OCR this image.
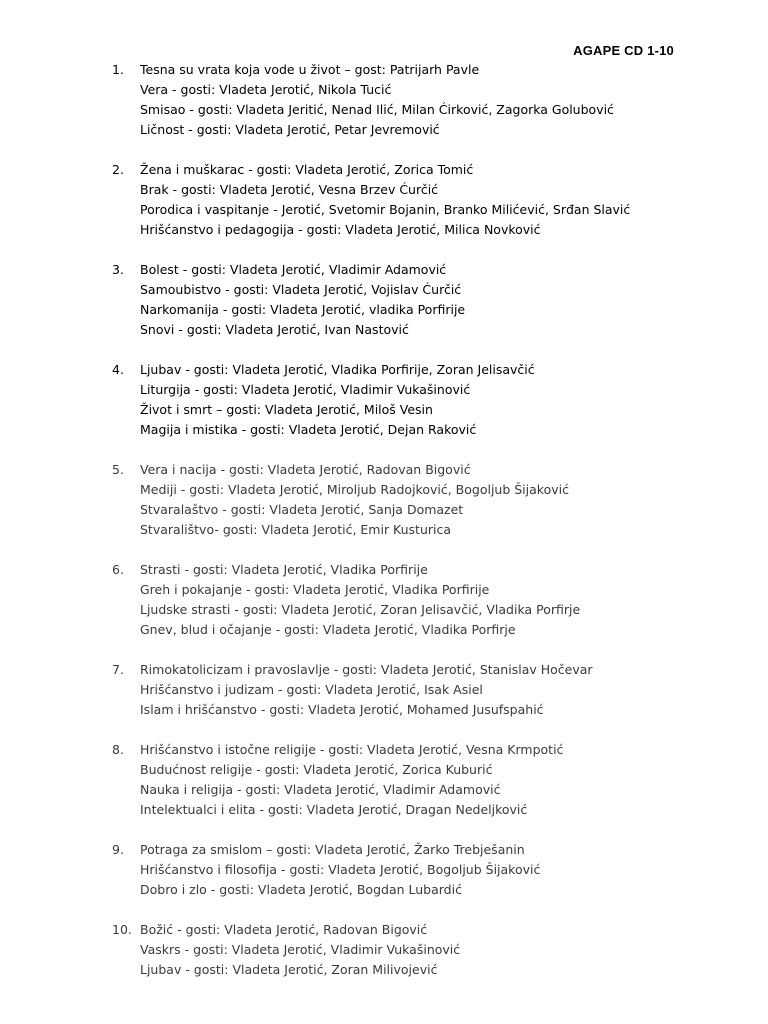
AGAPE CD 1-10
1.	Tesna su vrata koja vode u život – gost: Patrijarh Pavle
Vera - gosti: Vladeta Jerotić, Nikola Tucić
Smisao - gosti: Vladeta Jeritić, Nenad Ilić, Milan Ćirković, Zagorka Golubović
Ličnost - gosti: Vladeta Jerotić, Petar Jevremović
2.	Žena i muškarac - gosti: Vladeta Jerotić, Zorica Tomić
Brak - gosti: Vladeta Jerotić, Vesna Brzev Ćurčić
Porodica i vaspitanje - Jerotić, Svetomir Bojanin, Branko Milićević, Srđan Slavić
Hrišćanstvo i pedagogija - gosti: Vladeta Jerotić, Milica Novković
3.	Bolest - gosti: Vladeta Jerotić, Vladimir Adamović
Samoubistvo - gosti: Vladeta Jerotić, Vojislav Ćurčić
Narkomanija - gosti: Vladeta Jerotić, vladika Porfirije
Snovi - gosti: Vladeta Jerotić, Ivan Nastović
4.	Ljubav - gosti: Vladeta Jerotić, Vladika Porfirije, Zoran Jelisavčić
Liturgija - gosti: Vladeta Jerotić, Vladimir Vukašinović
Život i smrt – gosti: Vladeta Jerotić, Miloš Vesin
Magija i mistika - gosti: Vladeta Jerotić, Dejan Raković
5.	Vera i nacija - gosti: Vladeta Jerotić, Radovan Bigović
Mediji - gosti: Vladeta Jerotić, Miroljub Radojković, Bogoljub Šijaković
Stvaralaštvo - gosti: Vladeta Jerotić, Sanja Domazet
Stvaralištvo- gosti: Vladeta Jerotić, Emir Kusturica
6.	Strasti - gosti: Vladeta Jerotić, Vladika Porfirije
Greh i pokajanje - gosti: Vladeta Jerotić, Vladika Porfirije
Ljudske strasti - gosti: Vladeta Jerotić, Zoran Jelisavčić, Vladika Porfirje
Gnev, blud i očajanje - gosti: Vladeta Jerotić, Vladika Porfirje
7.	Rimokatolicizam i pravoslavlje - gosti: Vladeta Jerotić, Stanislav Hočevar
Hrišćanstvo i judizam - gosti: Vladeta Jerotić, Isak Asiel
Islam i hrišćanstvo - gosti: Vladeta Jerotić, Mohamed Jusufspahić
8.	Hrišćanstvo i istočne religije - gosti: Vladeta Jerotić, Vesna Krmpotić
Budućnost religije - gosti: Vladeta Jerotić, Zorica Kuburić
Nauka i religija - gosti: Vladeta Jerotić, Vladimir Adamović
Intelektualci i elita - gosti: Vladeta Jerotić, Dragan Nedeljković
9.	Potraga za smislom – gosti: Vladeta Jerotić, Žarko Trebješanin
Hrišćanstvo i filosofija - gosti: Vladeta Jerotić, Bogoljub Šijaković
Dobro i zlo - gosti: Vladeta Jerotić, Bogdan Lubardić
10. Božić - gosti: Vladeta Jerotić, Radovan Bigović
Vaskrs - gosti: Vladeta Jerotić, Vladimir Vukašinović
Ljubav - gosti: Vladeta Jerotić, Zoran Milivojević
